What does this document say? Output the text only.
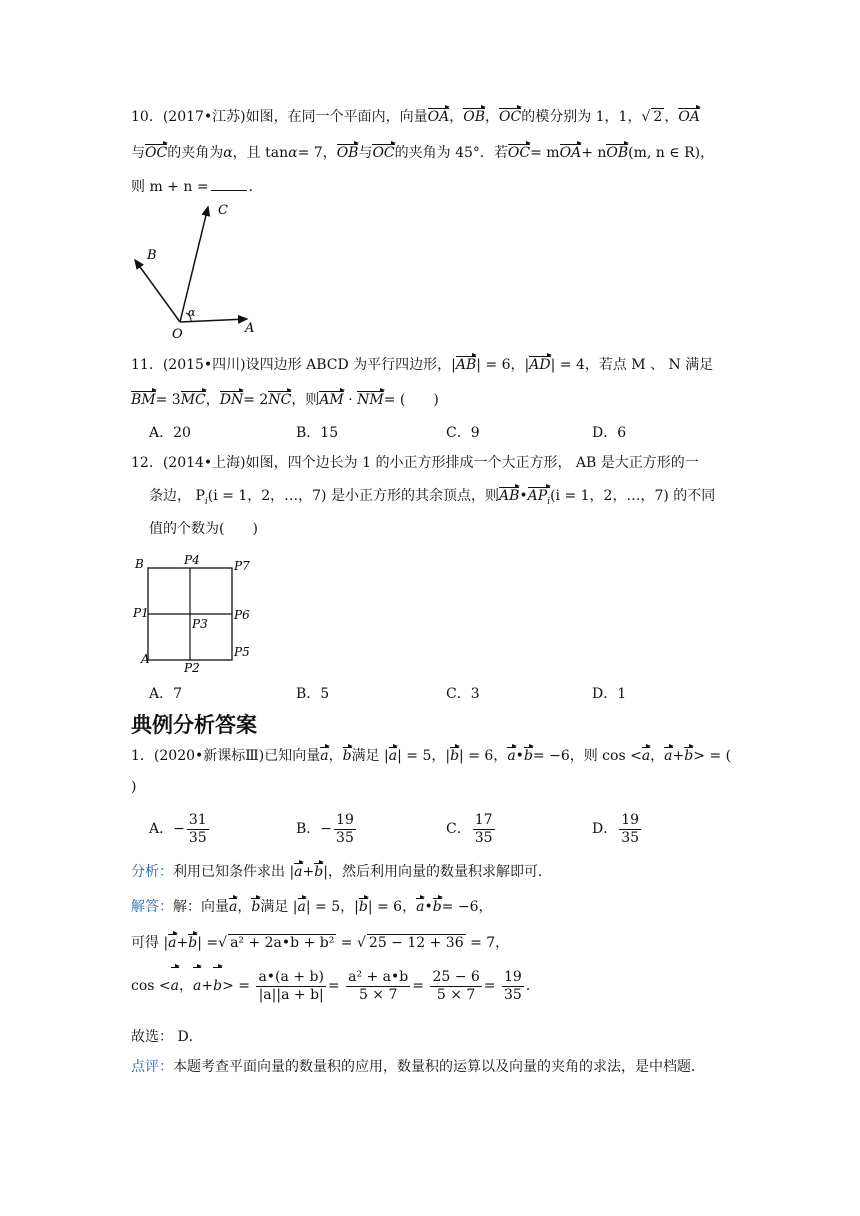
10．(2017•江苏)如图，在同一个平面内，向量OA，OB，OC的模分别为 1，1，√ 2 ，OA
与OC的夹角为α，且 tanα= 7，OB与OC的夹角为 45°．若OC= mOA+ nOB(m, n ∈ R)，
则 m + n =	．
C
B
O	A
α
11．(2015•四川)设四边形 ABCD 为平行四边形，|AB| = 6，|AD| = 4，若点 M 、 N 满足
BM= 3MC，DN= 2NC，则AM · NM= (　　)
A．20	B．15	C．9	D．6
12．(2014•上海)如图，四个边长为 1 的小正方形排成一个大正方形， AB 是大正方形的一
条边， $P_i(i = 1$，2，…，7) 是小正方形的其余顶点，则$AB•AP_i(i = 1$，2，…，7) 的不同
值的个数为(　　)
B	P4	P7
P1
P3
P6
A
P2
P5
A．7	B．5	C．3	D．1
典例分析答案
1．(2020•新课标Ⅲ)已知向量a，b满足 |a| = 5，|b| = 6，a•b= −6，则 cos <a，a+b> = (
)
A．− $\frac{31}{35}$	B．− $\frac{19}{35}$	C． $\frac{17}{35}$	D． $\frac{19}{35}$
分析：利用已知条件求出 |a+b|，然后利用向量的数量积求解即可．
解答：解：向量a，b满足 |a| = 5，|b| = 6，a•b= −6，
可得 |a+b| =√ a² + 2a•b + b² = √ 25 − 12 + 36 = 7，
cos <a，$a+b> = \frac{a•(a + b)}{|a||a + b|} = \frac{\text{a² + a•b}}{5 \times 7} = \frac{25 - 6}{5 \times 7} = \frac{19}{35}$ ．
故选： D．
点评：本题考查平面向量的数量积的应用，数量积的运算以及向量的夹角的求法，是中档题．
